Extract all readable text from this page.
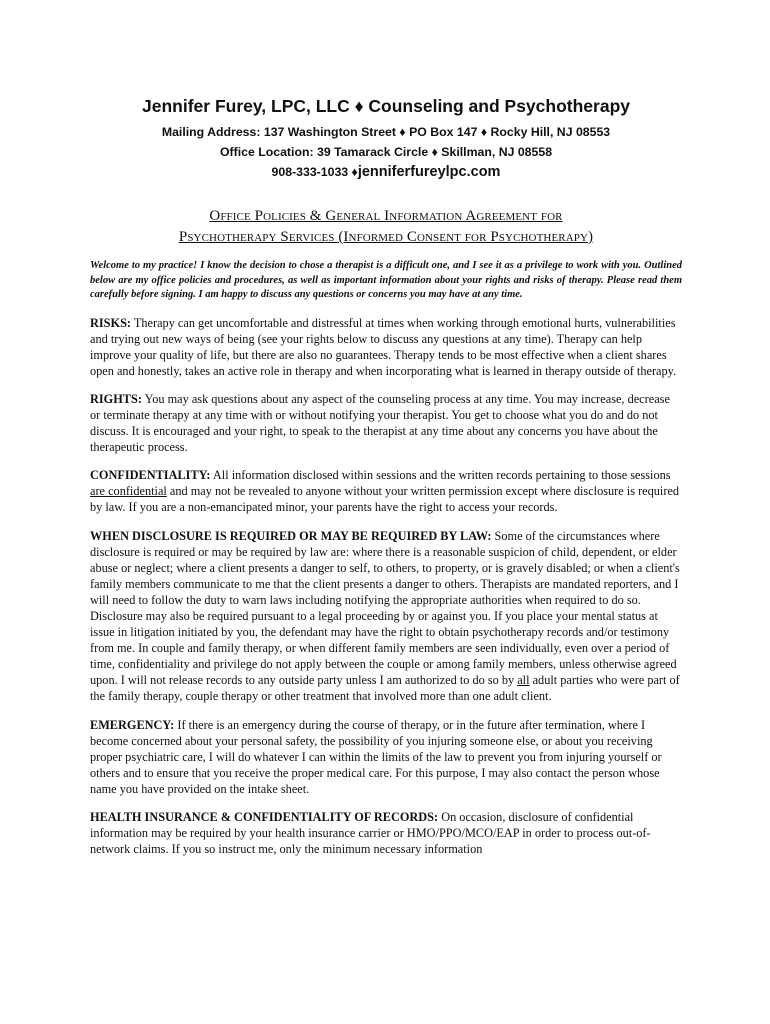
Jennifer Furey, LPC, LLC ♦ Counseling and Psychotherapy
Mailing Address: 137 Washington Street ♦ PO Box 147 ♦ Rocky Hill, NJ 08553
Office Location: 39 Tamarack Circle ♦ Skillman, NJ 08558
908-333-1033 ♦jenniferfureylpc.com
Office Policies & General Information Agreement for
Psychotherapy Services (Informed Consent for Psychotherapy)

Welcome to my practice! I know the decision to chose a therapist is a difficult one, and I see it as a privilege to work with you. Outlined below are my office policies and procedures, as well as important information about your rights and risks of therapy. Please read them carefully before signing. I am happy to discuss any questions or concerns you may have at any time.

RISKS: Therapy can get uncomfortable and distressful at times when working through emotional hurts, vulnerabilities and trying out new ways of being (see your rights below to discuss any questions at any time). Therapy can help improve your quality of life, but there are also no guarantees. Therapy tends to be most effective when a client shares open and honestly, takes an active role in therapy and when incorporating what is learned in therapy outside of therapy.

RIGHTS: You may ask questions about any aspect of the counseling process at any time. You may increase, decrease or terminate therapy at any time with or without notifying your therapist. You get to choose what you do and do not discuss. It is encouraged and your right, to speak to the therapist at any time about any concerns you have about the therapeutic process.

CONFIDENTIALITY: All information disclosed within sessions and the written records pertaining to those sessions are confidential and may not be revealed to anyone without your written permission except where disclosure is required by law. If you are a non-emancipated minor, your parents have the right to access your records.

WHEN DISCLOSURE IS REQUIRED OR MAY BE REQUIRED BY LAW: Some of the circumstances where disclosure is required or may be required by law are: where there is a reasonable suspicion of child, dependent, or elder abuse or neglect; where a client presents a danger to self, to others, to property, or is gravely disabled; or when a client's family members communicate to me that the client presents a danger to others. Therapists are mandated reporters, and I will need to follow the duty to warn laws including notifying the appropriate authorities when required to do so. Disclosure may also be required pursuant to a legal proceeding by or against you. If you place your mental status at issue in litigation initiated by you, the defendant may have the right to obtain psychotherapy records and/or testimony from me. In couple and family therapy, or when different family members are seen individually, even over a period of time, confidentiality and privilege do not apply between the couple or among family members, unless otherwise agreed upon. I will not release records to any outside party unless I am authorized to do so by all adult parties who were part of the family therapy, couple therapy or other treatment that involved more than one adult client.

EMERGENCY: If there is an emergency during the course of therapy, or in the future after termination, where I become concerned about your personal safety, the possibility of you injuring someone else, or about you receiving proper psychiatric care, I will do whatever I can within the limits of the law to prevent you from injuring yourself or others and to ensure that you receive the proper medical care. For this purpose, I may also contact the person whose name you have provided on the intake sheet.

HEALTH INSURANCE & CONFIDENTIALITY OF RECORDS: On occasion, disclosure of confidential information may be required by your health insurance carrier or HMO/PPO/MCO/EAP in order to process out-of-network claims. If you so instruct me, only the minimum necessary information
